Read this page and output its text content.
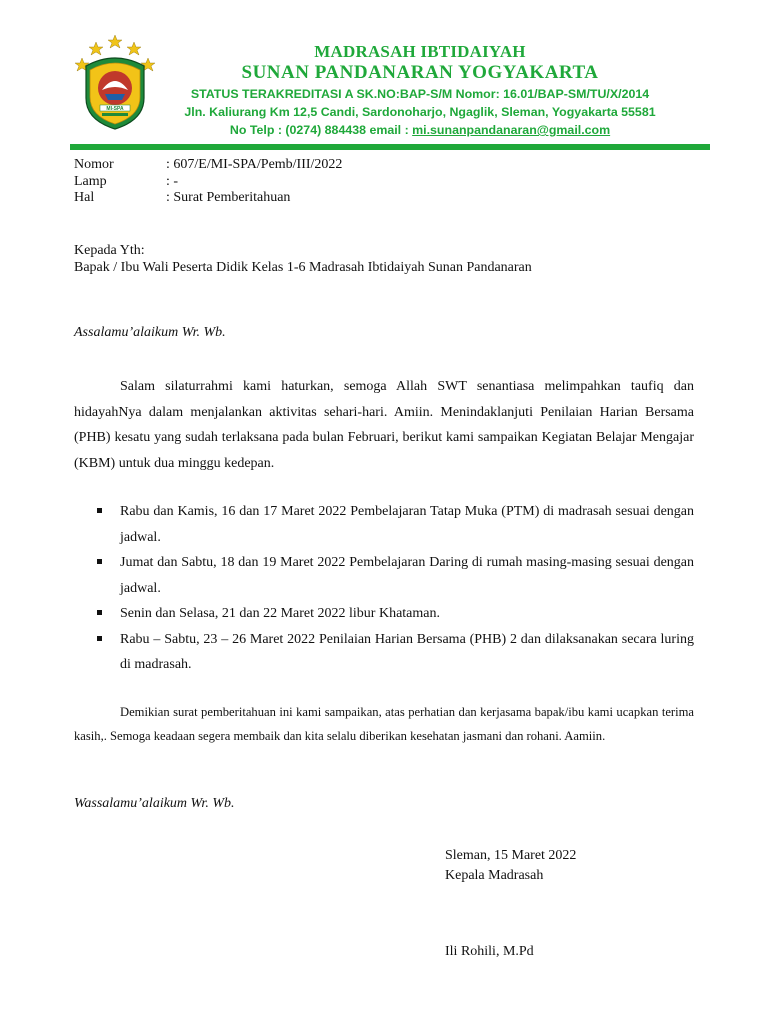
MI-SPA
MADRASAH IBTIDAIYAH
SUNAN PANDANARAN YOGYAKARTA
STATUS TERAKREDITASI A SK.NO:BAP-S/M Nomor: 16.01/BAP-SM/TU/X/2014
Jln. Kaliurang Km 12,5 Candi, Sardonoharjo, Ngaglik, Sleman, Yogyakarta 55581
No Telp : (0274) 884438 email : mi.sunanpandanaran@gmail.com
Nomor	: 607/E/MI-SPA/Pemb/III/2022
Lamp	: -
Hal	: Surat Pemberitahuan
Kepada Yth:
Bapak / Ibu Wali Peserta Didik Kelas 1-6 Madrasah Ibtidaiyah Sunan Pandanaran
Assalamu’alaikum Wr. Wb.
Salam silaturrahmi kami haturkan, semoga Allah SWT senantiasa melimpahkan taufiq dan hidayahNya dalam menjalankan aktivitas sehari-hari. Amiin. Menindaklanjuti Penilaian Harian Bersama (PHB) kesatu yang sudah terlaksana pada bulan Februari, berikut kami sampaikan Kegiatan Belajar Mengajar (KBM) untuk dua minggu kedepan.
Rabu dan Kamis, 16 dan 17 Maret 2022 Pembelajaran Tatap Muka (PTM) di madrasah sesuai dengan jadwal.
Jumat dan Sabtu, 18 dan 19 Maret 2022 Pembelajaran Daring di rumah masing-masing sesuai dengan jadwal.
Senin dan Selasa, 21 dan 22 Maret 2022 libur Khataman.
Rabu – Sabtu, 23 – 26 Maret 2022 Penilaian Harian Bersama (PHB) 2 dan dilaksanakan secara luring di madrasah.
Demikian surat pemberitahuan ini kami sampaikan, atas perhatian dan kerjasama bapak/ibu kami ucapkan terima kasih,. Semoga keadaan segera membaik dan kita selalu diberikan kesehatan jasmani dan rohani. Aamiin.
Wassalamu’alaikum Wr. Wb.
Sleman, 15 Maret 2022
Kepala Madrasah
Ili Rohili, M.Pd
